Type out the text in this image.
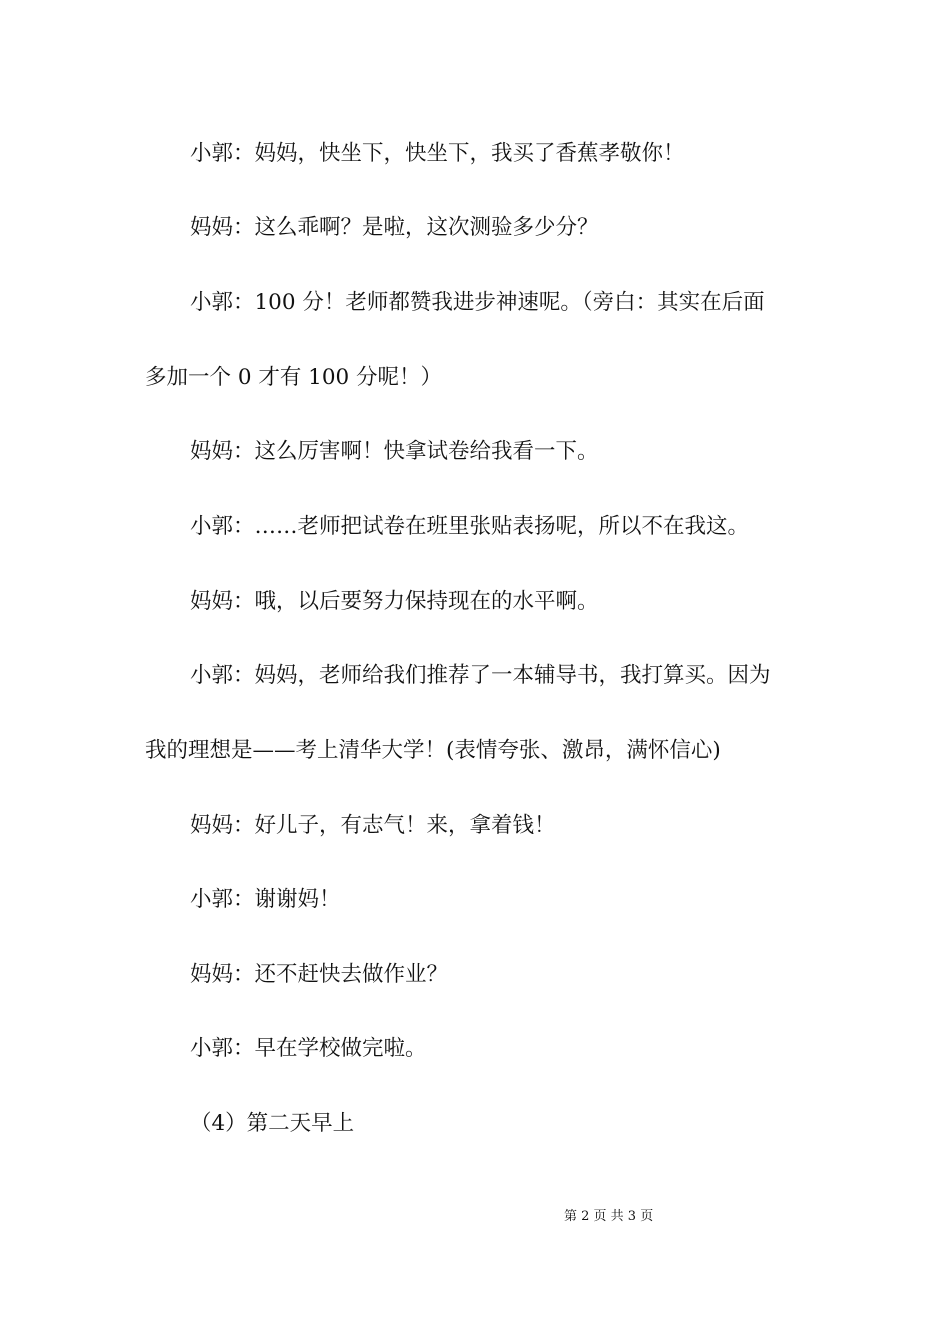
小郭：妈妈，快坐下，快坐下，我买了香蕉孝敬你！
妈妈：这么乖啊？是啦，这次测验多少分？
小郭：100 分！老师都赞我进步神速呢。（旁白：其实在后面
多加一个 0 才有 100 分呢！）
妈妈：这么厉害啊！快拿试卷给我看一下。
小郭：……老师把试卷在班里张贴表扬呢，所以不在我这。
妈妈：哦，以后要努力保持现在的水平啊。
小郭：妈妈，老师给我们推荐了一本辅导书，我打算买。因为
我的理想是——考上清华大学！(表情夸张、激昂，满怀信心)
妈妈：好儿子，有志气！来，拿着钱！
小郭：谢谢妈！
妈妈：还不赶快去做作业？
小郭：早在学校做完啦。
（4）第二天早上
第 2 页 共 3 页
